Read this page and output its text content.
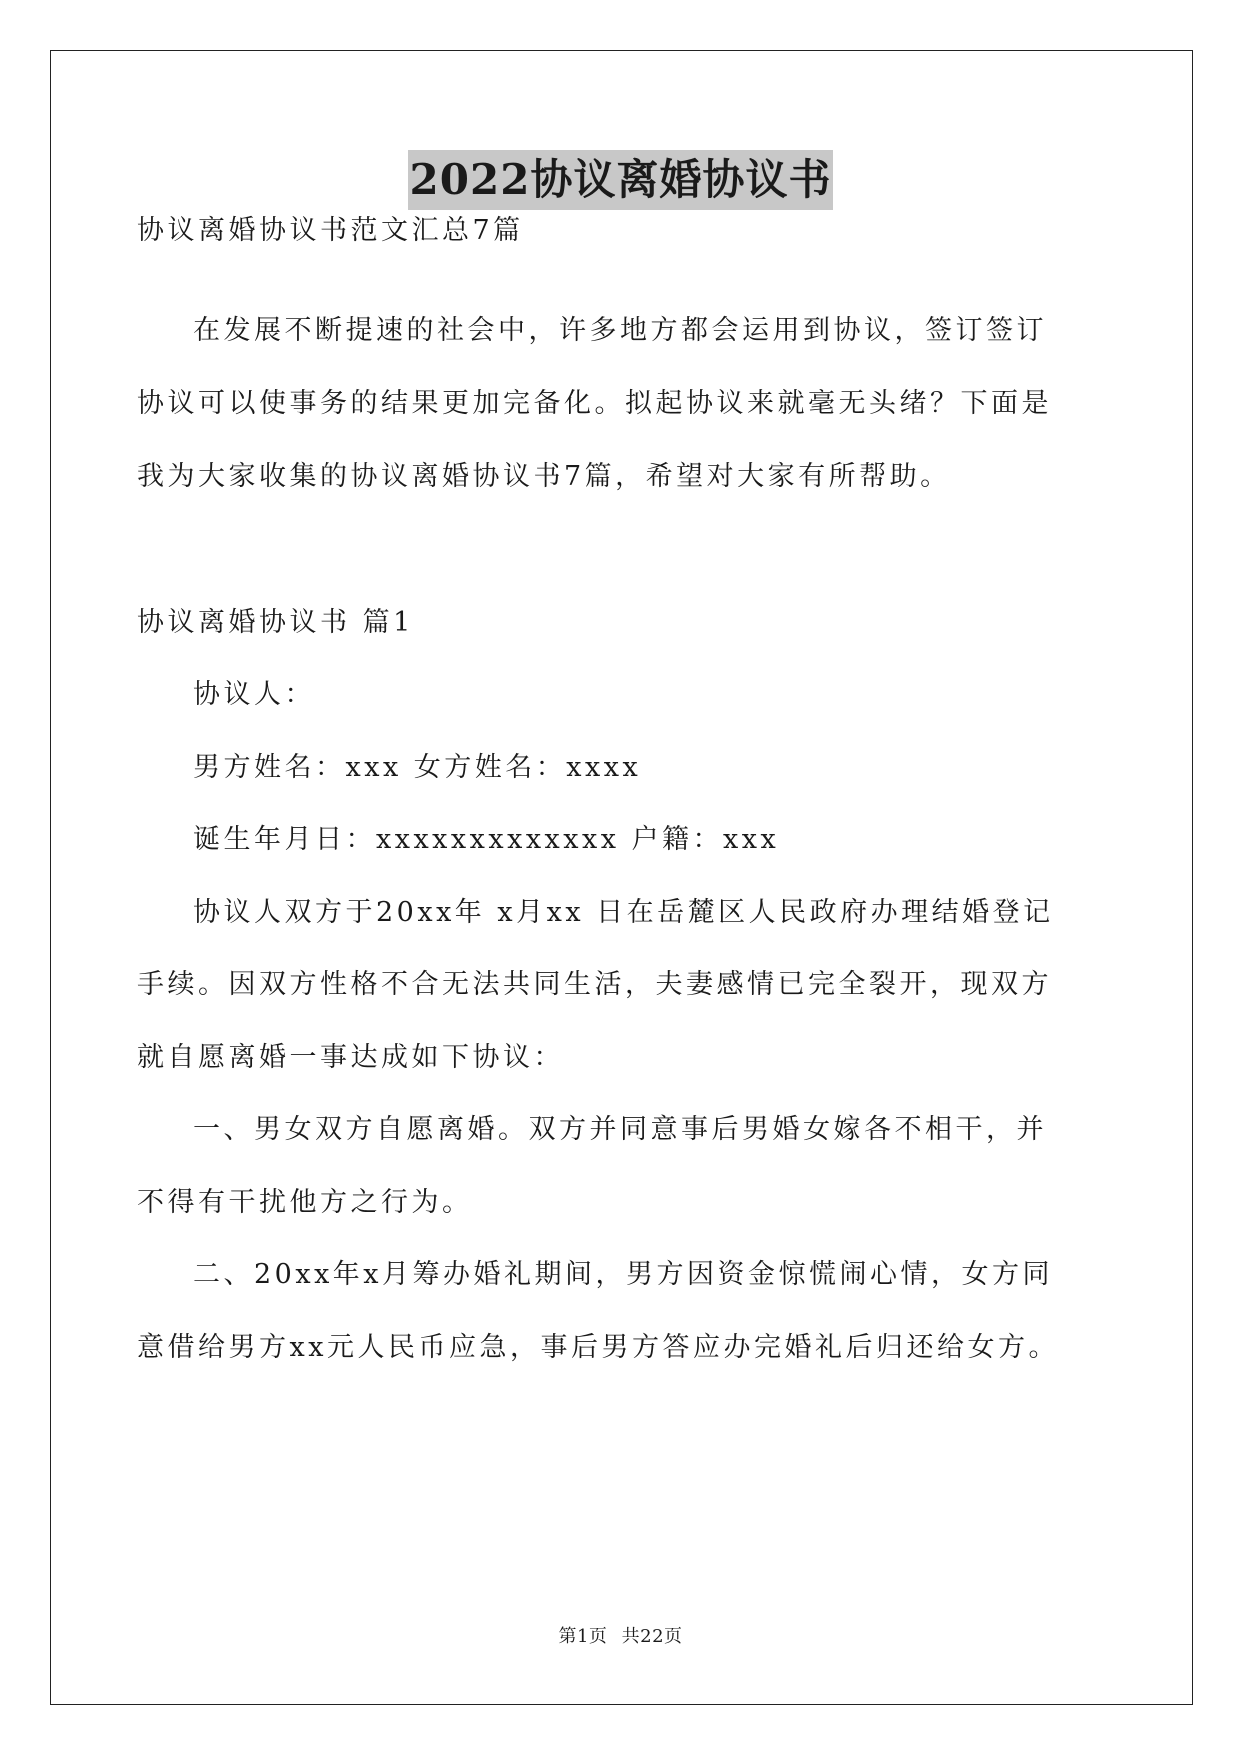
2022协议离婚协议书
协议离婚协议书范文汇总7篇
在发展不断提速的社会中，许多地方都会运用到协议，签订签订
协议可以使事务的结果更加完备化。拟起协议来就毫无头绪？下面是
我为大家收集的协议离婚协议书7篇，希望对大家有所帮助。
协议离婚协议书 篇1
协议人：
男方姓名：xxx 女方姓名：xxxx
诞生年月日：xxxxxxxxxxxxx 户籍：xxx
协议人双方于20xx年 x月xx 日在岳麓区人民政府办理结婚登记
手续。因双方性格不合无法共同生活，夫妻感情已完全裂开，现双方
就自愿离婚一事达成如下协议：
一、男女双方自愿离婚。双方并同意事后男婚女嫁各不相干，并
不得有干扰他方之行为。
二、20xx年x月筹办婚礼期间，男方因资金惊慌闹心情，女方同
意借给男方xx元人民币应急，事后男方答应办完婚礼后归还给女方。
第1页 共22页
